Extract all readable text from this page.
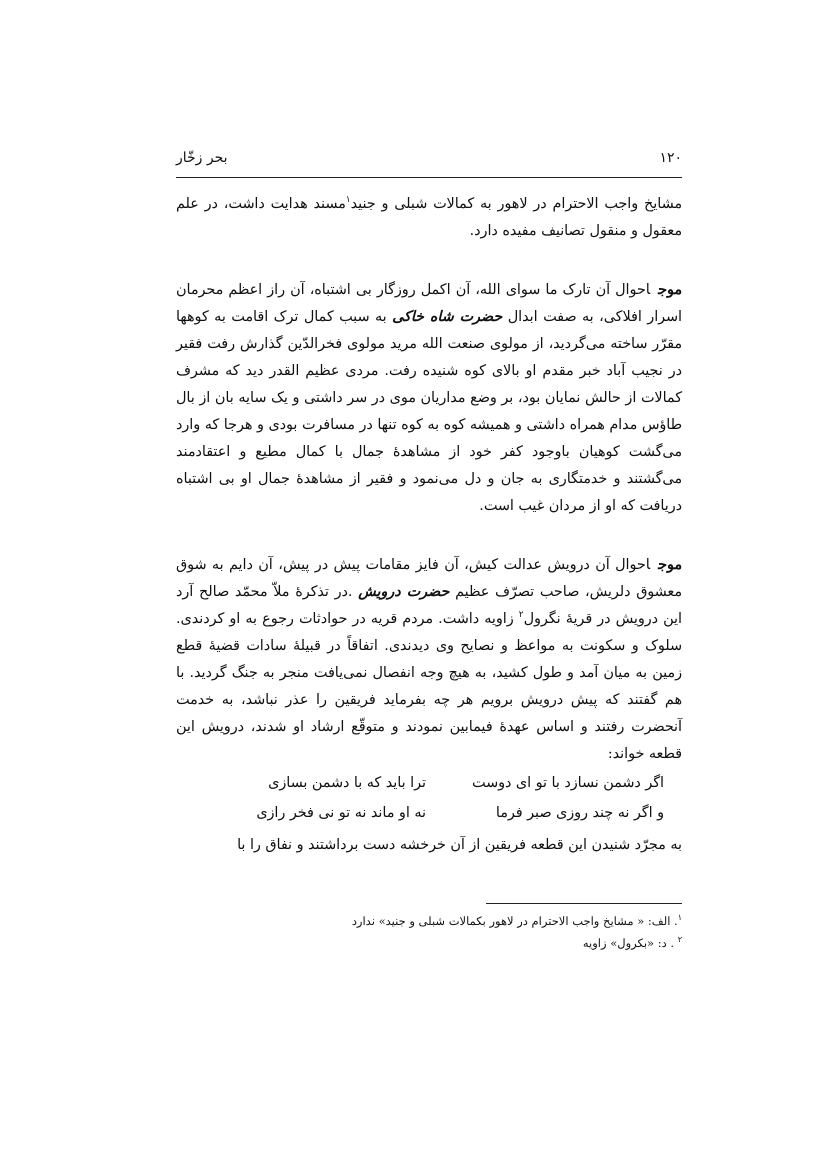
۱۲۰
بحر زخّار

مشایخ واجب الاحترام در لاهور به کمالات شبلی و جنید$^۱$مسند هدایت داشت، در علم معقول و منقول تصانیف مفیده دارد.

موجاحوال آن تارک ما سوای الله، آن اکمل روزگار بی اشتباه، آن راز اعظم محرمان اسرار افلاکی، به صفت ابدال حضرت شاه خاکی به سبب کمال ترک اقامت به کوهها مقرّر ساخته می‌گردید، از مولوی صنعت الله مرید مولوی فخرالدّین گذارش رفت فقیر در نجیب آباد خبر مقدم او بالای کوه شنیده رفت. مردی عظیم القدر دید که مشرف کمالات از حالش نمایان بود، بر وضع مداریان موی در سر داشتی و یک سایه بان از بال طاؤس مدام همراه داشتی و همیشه کوه به کوه تنها در مسافرت بودی و هرجا که وارد می‌گشت کوهیان باوجود کفر خود از مشاهدهٔ جمال با کمال مطیع و اعتقادمند می‌گشتند و خدمتگاری به جان و دل می‌نمود و فقیر از مشاهدهٔ جمال او بی اشتباه دریافت که او از مردان غیب است.

موجاحوال آن درویش عدالت کیش، آن فایز مقامات پیش در پیش، آن دایم به شوق معشوق دلریش، صاحب تصرّف عظیم حضرت درویش .در تذکرهٔ ملاّ محمّد صالح آرد این درویش در قریهٔ نگرول$^۲$ زاویه داشت. مردم قریه در حوادثات رجوع به او کردندی. سلوک و سکونت به مواعظ و نصایح وی دیدندی. اتفاقاً در قبیلهٔ سادات قضیهٔ قطع زمین به میان آمد و طول کشید، به هیچ وجه انفصال نمی‌یافت منجر به جنگ گردید. با هم گفتند که پیش درویش برویم هر چه بفرماید فریقین را عذر نباشد، به خدمت آنحضرت رفتند و اساس عهدهٔ فیمابین نمودند و متوقّع ارشاد او شدند، درویش این قطعه خواند:

اگر دشمن نسازد با تو ای دوست
ترا باید که با دشمن بسازی
و اگر نه چند روزی صبر فرما
نه او ماند نه تو نی فخر رازی

به مجرّد شنیدن این قطعه فریقین از آن خرخشه دست برداشتند و نفاق را با

$^۱$. الف: « مشایخ واجب الاحترام در لاهور بکمالات شبلی و جنید» ندارد

$^۲$ . د: «بکرول» زاویه
